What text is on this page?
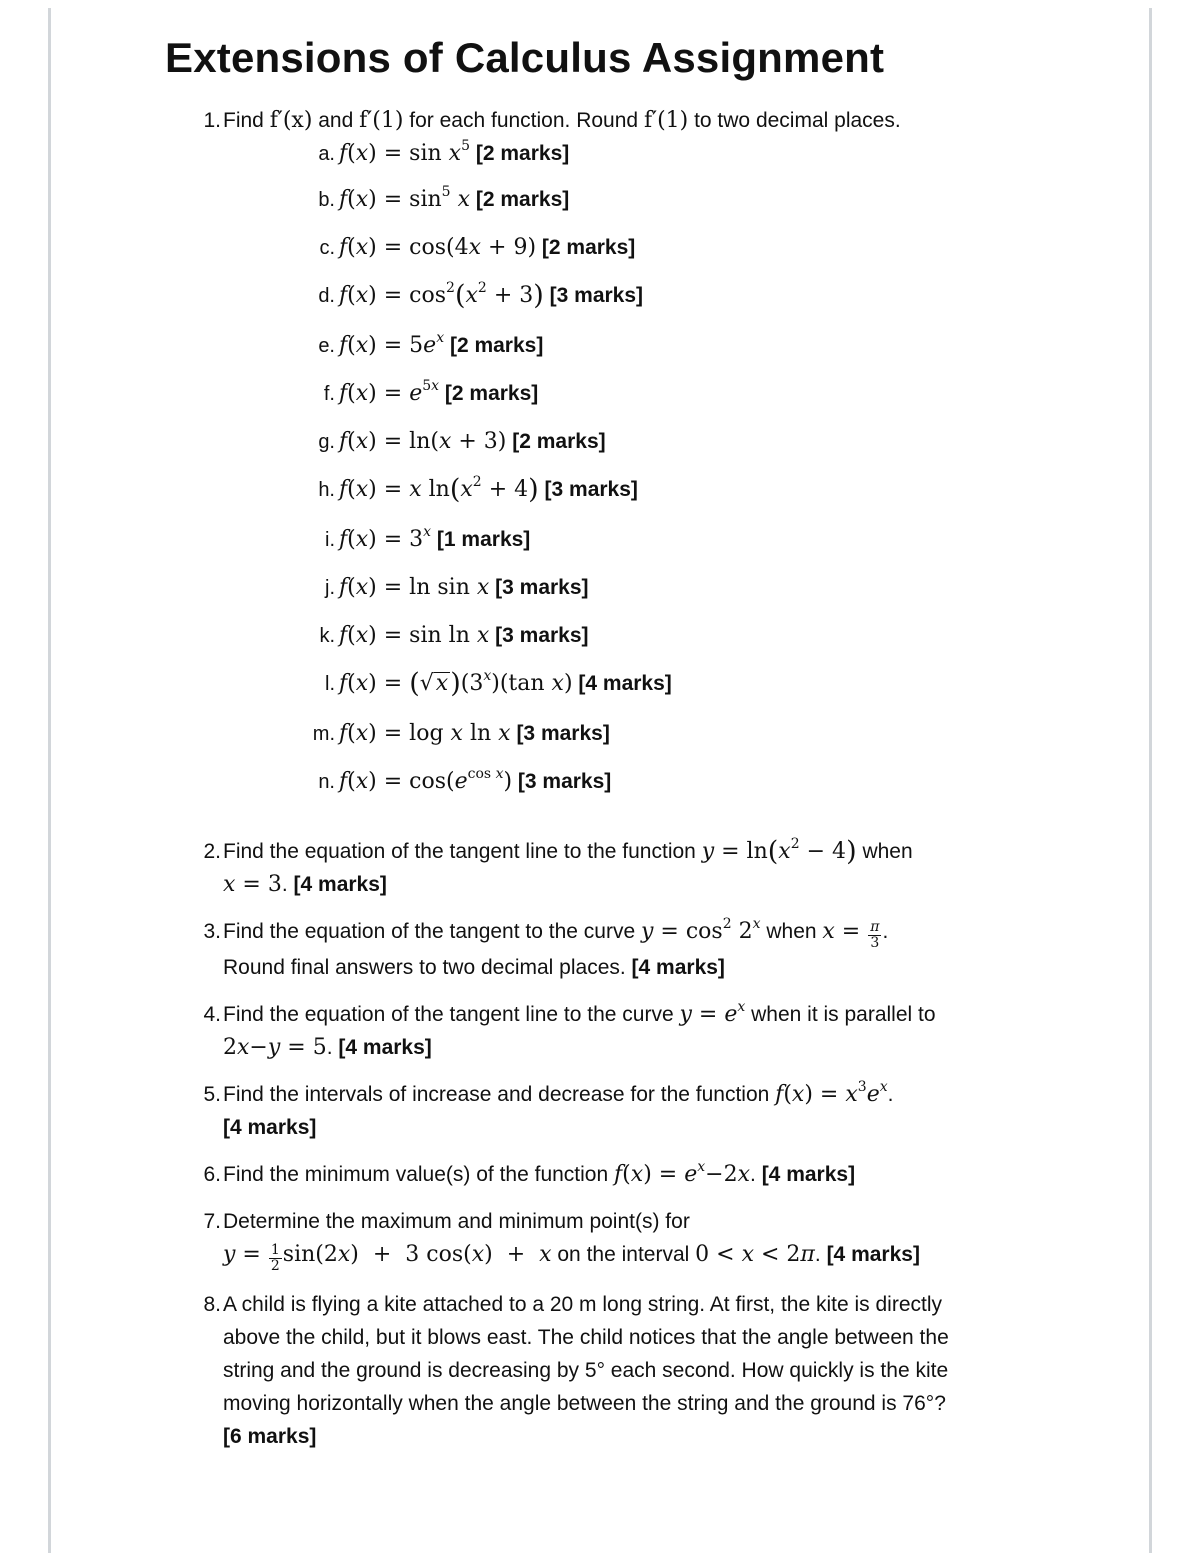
Extensions of Calculus Assignment
1. Find f′(x) and f′(1) for each function. Round f′(1) to two decimal places.
a. $f(x) = \sin x^5$ [2 marks]
b. $f(x) = \sin^5 x$ [2 marks]
c. f(x) = cos(4x + 9) [2 marks]
d. $f(x) = \cos^2(x^2 + 3)$ [3 marks]
e. $f(x) = 5e^x$ [2 marks]
f. $f(x) = e^{5x}$ [2 marks]
g. f(x) = ln(x + 3) [2 marks]
h. f(x) = x $\ln(x^2 + 4)$ [3 marks]
i. $f(x) = 3^x$ [1 marks]
j. f(x) = ln sin x [3 marks]
k. f(x) = sin ln x [3 marks]
l. $f(x) = (√x)(3^x)(\tan$ x) [4 marks]
m. f(x) = log x ln x [3 marks]
n. $f(x) = \cos(e^{cos x})$ [3 marks]
2. Find the equation of the tangent line to the function $y = \ln(x^2 - 4)$ when
x = 3. [4 marks]
3. Find the equation of the tangent to the curve $y = \cos^2 2^x$ when $x = \frac{\pi}{3}$ .
Round final answers to two decimal places. [4 marks]
4. Find the equation of the tangent line to the curve $y = e^x$ when it is parallel to
2x−y = 5. [4 marks]
5. Find the intervals of increase and decrease for the function $f(x) = x^3e^x$.
[4 marks]
6. Find the minimum value(s) of the function $f(x) = e^x-2x$. [4 marks]
7. Determine the maximum and minimum point(s) for
$y = \frac{1}{2} \sin(2x) + 3$ cos(x)  +  x on the interval 0 < x < 2π. [4 marks]
8. A child is flying a kite attached to a 20 m long string. At first, the kite is directly
above the child, but it blows east. The child notices that the angle between the
string and the ground is decreasing by 5° each second. How quickly is the kite
moving horizontally when the angle between the string and the ground is 76°?
[6 marks]
